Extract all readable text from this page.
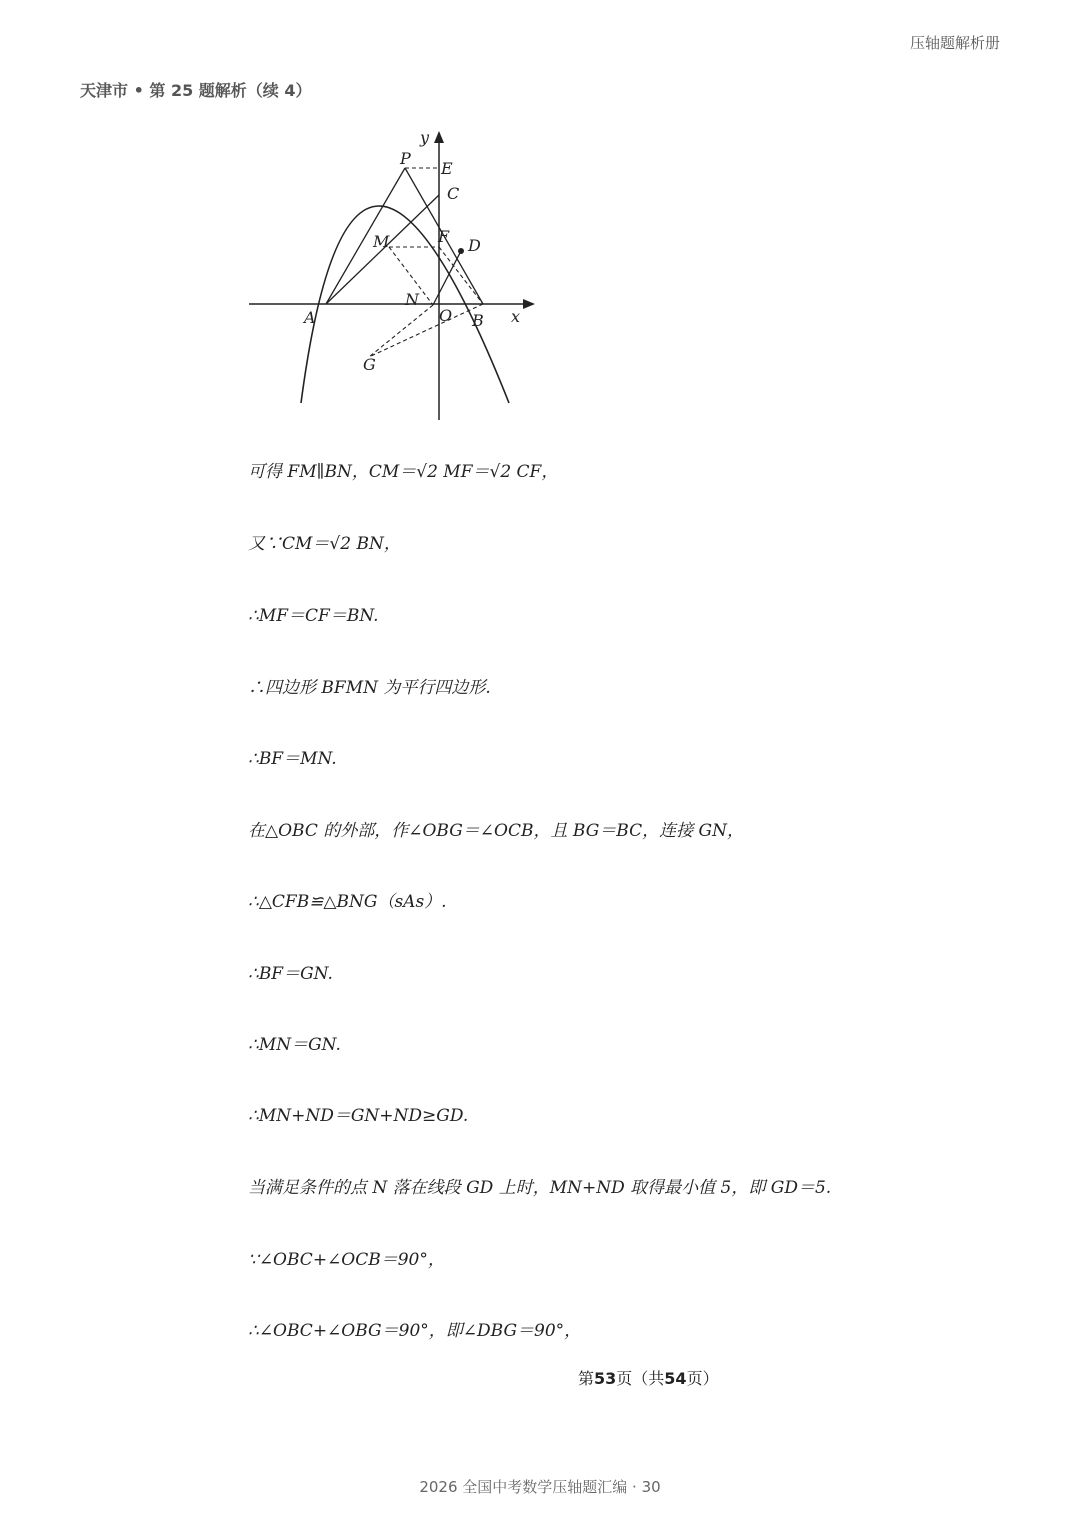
压轴题解析册
天津市 • 第 25 题解析（续 4）
y
x
P
E
C
M	F D
N
A	O B
G
可得 FM∥BN，CM＝√2 MF＝√2 CF，
又∵CM＝√2 BN，
∴MF＝CF＝BN.
∴四边形 BFMN 为平行四边形.
∴BF＝MN.
在△OBC 的外部，作∠OBG＝∠OCB，且 BG＝BC，连接 GN，
∴△CFB≌△BNG（sAs）.
∴BF＝GN.
∴MN＝GN.
∴MN+ND＝GN+ND≥GD.
当满足条件的点 N 落在线段 GD 上时，MN+ND 取得最小值 5，即 GD＝5.
∵∠OBC+∠OCB＝90°，
∴∠OBC+∠OBG＝90°，即∠DBG＝90°，
第53页（共54页）
2026 全国中考数学压轴题汇编 · 30
